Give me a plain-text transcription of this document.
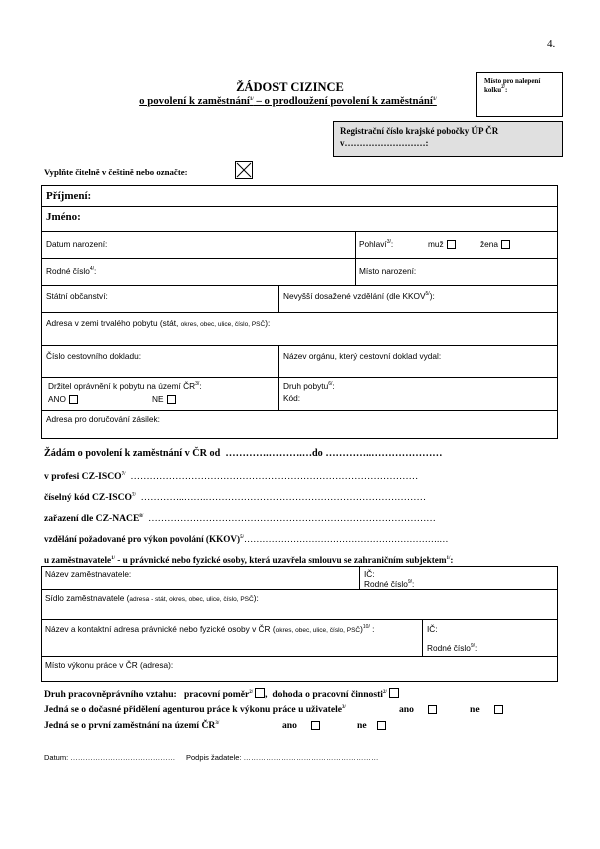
4.
ŽÁDOST CIZINCE
o povolení k zaměstnání$^{1/}$ – o prodloužení povolení k zaměstnání$^{1/}$
Místo pro nalepení kolku$^{2/}$:
Registrační číslo krajské pobočky ÚP ČR
v………………………:
Vyplňte čitelně v češtině nebo označte:
Příjmení:
Jméno:
Datum narození:	Pohlaví$^{3/}$:	muž	žena
Rodné číslo$^{4/}$:	Místo narození:
Státní občanství:	Nevyšší dosažené vzdělání (dle $KKOV^{5/}$):
Adresa v zemi trvalého pobytu (stát, okres, obec, ulice, číslo, PSČ):
Číslo cestovního dokladu:	Název orgánu, který cestovní doklad vydal:
Držitel oprávnění k pobytu na území $ČR^{3/}$:
ANO	NE
Druh pobytu$^{6/}$:
Kód:
Adresa pro doručování zásilek:
Žádám o povolení k zaměstnání v ČR od ………….……….…do …………..…………………
v profesi $CZ-ISCO^{7/}$ ………………………………………………………………………………
číselný kód $CZ-ISCO^{7/}$ …………..…….……………………………………………………………
zařazení dle $CZ-NACE^{8/}$ ………………………………………………………………………………
vzdělání požadované pro výkon povolání (KKOV)$^{5/}$……………………………………………………….…
u zaměstnavatele$^{1/}$ - u právnické nebo fyzické osoby, která uzavřela smlouvu se zahraničním subjektem$^{1/}$:
Název zaměstnavatele:	IČ:
Rodné číslo$^{9/}$:
Sídlo zaměstnavatele (adresa - stát, okres, obec, ulice, číslo, PSČ):
Název a kontaktní adresa právnické nebo fyzické osoby v ČR (okres, obec, ulice, číslo, PSČ)$^{10/}$ :	IČ:
Rodné číslo$^{9/}$:
Místo výkonu práce v ČR (adresa):
Druh pracovněprávního vztahu: pracovní poměr$^{2/}$ ,  dohoda o pracovní činnosti$^{2/}$
Jedná se o dočasné přidělení agenturou práce k výkonu práce u uživatele$^{3/}$	ano	ne
Jedná se o první zaměstnání na území $ČR^{3/}$	ano	ne
Datum: …………………………………… Podpis žadatele: ………………………………………………
